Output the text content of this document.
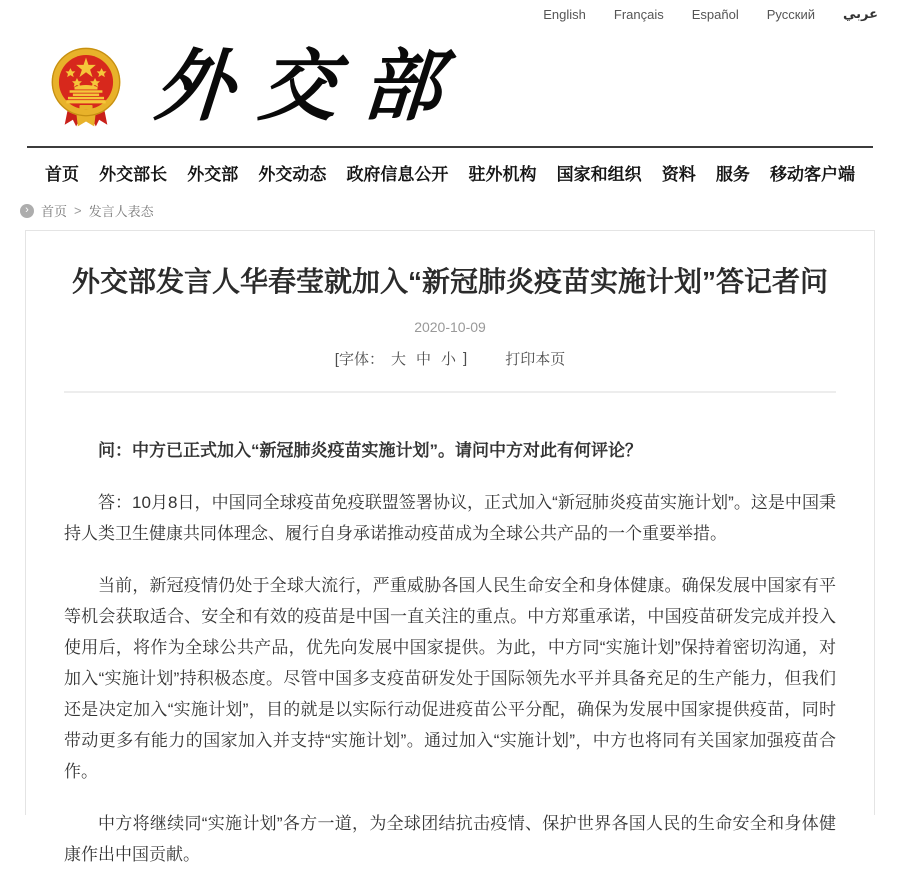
English Français Español Русский عربي
外交部
首页 外交部长 外交部 外交动态 政府信息公开 驻外机构 国家和组织 资料 服务 移动客户端
› 首页 > 发言人表态
外交部发言人华春莹就加入“新冠肺炎疫苗实施计划”答记者问
2020-10-09
[字体： 大 中 小 ]	打印本页

问：中方已正式加入“新冠肺炎疫苗实施计划”。请问中方对此有何评论？

答：10月8日，中国同全球疫苗免疫联盟签署协议，正式加入“新冠肺炎疫苗实施计划”。这是中国秉持人类卫生健康共同体理念、履行自身承诺推动疫苗成为全球公共产品的一个重要举措。

当前，新冠疫情仍处于全球大流行，严重威胁各国人民生命安全和身体健康。确保发展中国家有平等机会获取适合、安全和有效的疫苗是中国一直关注的重点。中方郑重承诺，中国疫苗研发完成并投入使用后，将作为全球公共产品，优先向发展中国家提供。为此，中方同“实施计划”保持着密切沟通，对加入“实施计划”持积极态度。尽管中国多支疫苗研发处于国际领先水平并具备充足的生产能力，但我们还是决定加入“实施计划”，目的就是以实际行动促进疫苗公平分配，确保为发展中国家提供疫苗，同时带动更多有能力的国家加入并支持“实施计划”。通过加入“实施计划”，中方也将同有关国家加强疫苗合作。

中方将继续同“实施计划”各方一道，为全球团结抗击疫情、保护世界各国人民的生命安全和身体健康作出中国贡献。
